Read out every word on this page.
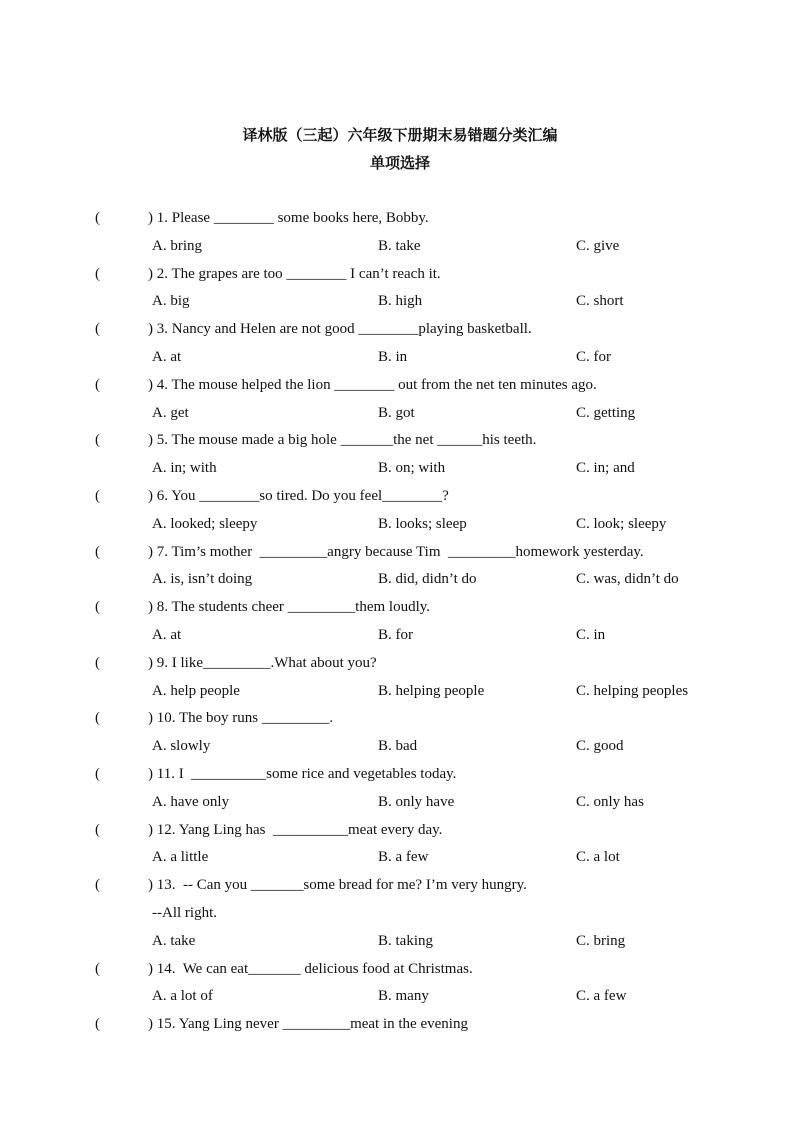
译林版（三起）六年级下册期末易错题分类汇编
单项选择
(	) 1. Please ________ some books here, Bobby.
A. bring	B. take	C. give
(	) 2. The grapes are too ________ I can’t reach it.
A. big	B. high	C. short
(	) 3. Nancy and Helen are not good ________playing basketball.
A. at	B. in	C. for
(	) 4. The mouse helped the lion ________ out from the net ten minutes ago.
A. get	B. got	C. getting
(	) 5. The mouse made a big hole _______the net ______his teeth.
A. in; with	B. on; with	C. in; and
(	) 6. You ________so tired. Do you feel________?
A. looked; sleepy	B. looks; sleep	C. look; sleepy
(	) 7. Tim’s mother  _________angry because Tim  _________homework yesterday.
A. is, isn’t doing	B. did, didn’t do	C. was, didn’t do
(	) 8. The students cheer _________them loudly.
A. at	B. for	C. in
(	) 9. I like_________.What about you?
A. help people	B. helping people	C. helping peoples
(	) 10. The boy runs _________.
A. slowly	B. bad	C. good
(	) 11. I  __________some rice and vegetables today.
A. have only	B. only have	C. only has
(	) 12. Yang Ling has  __________meat every day.
A. a little	B. a few	C. a lot
(	) 13.  -- Can you _______some bread for me? I’m very hungry.
--All right.
A. take	B. taking	C. bring
(	) 14.  We can eat_______ delicious food at Christmas.
A. a lot of	B. many	C. a few
(	) 15. Yang Ling never _________meat in the evening
